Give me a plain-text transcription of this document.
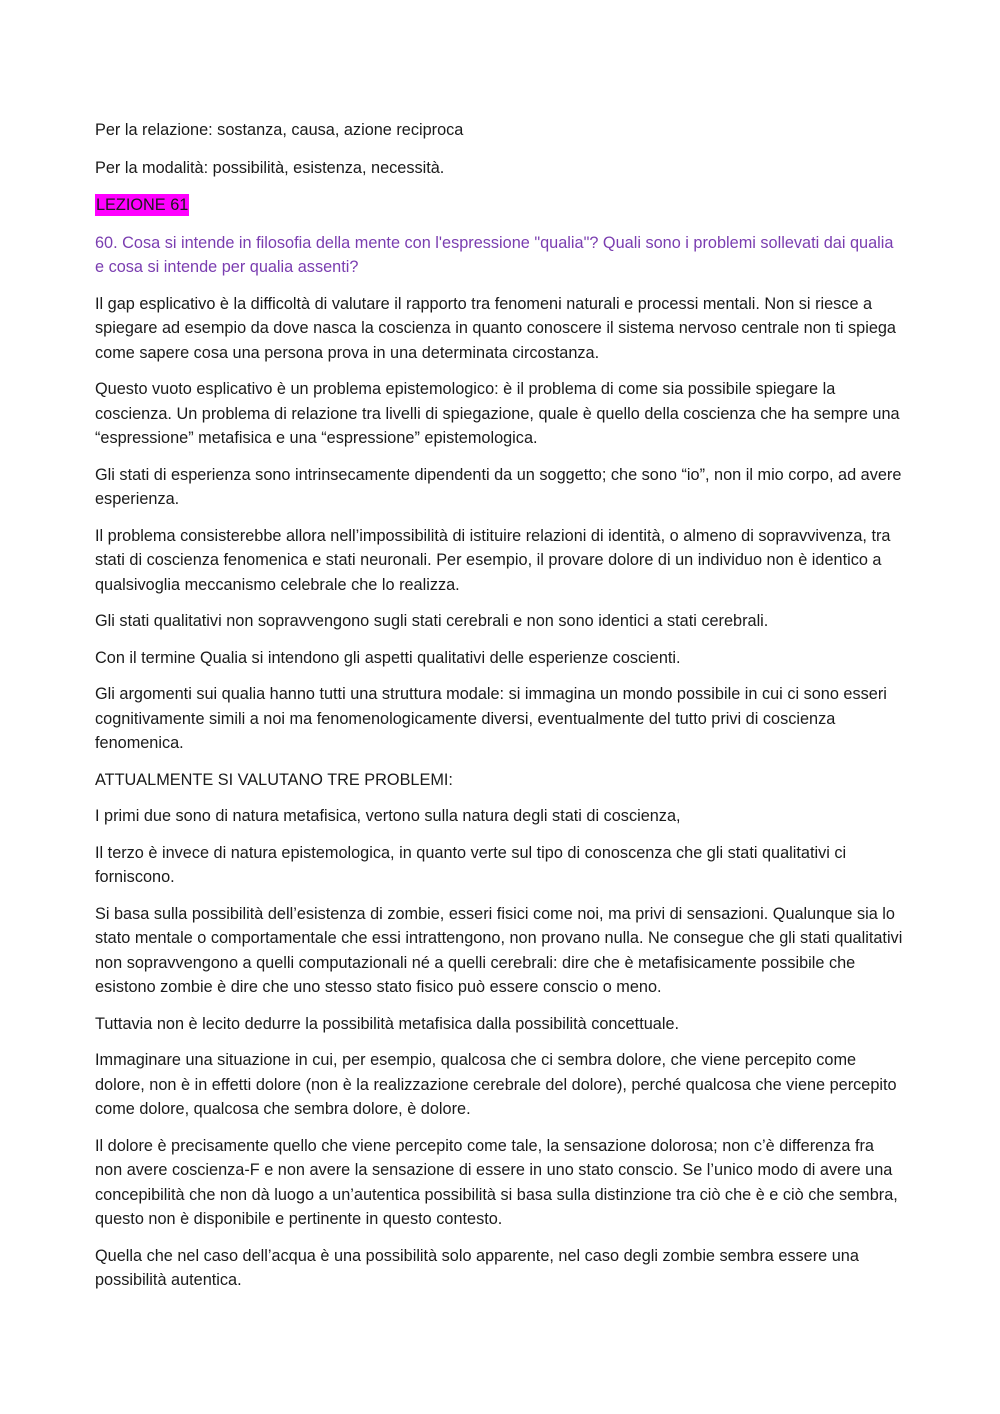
Per la relazione: sostanza, causa, azione reciproca

Per la modalità: possibilità, esistenza, necessità.

LEZIONE 61

60. Cosa si intende in filosofia della mente con l'espressione "qualia"? Quali sono i problemi sollevati dai qualia e cosa si intende per qualia assenti?

Il gap esplicativo è la difficoltà di valutare il rapporto tra fenomeni naturali e processi mentali. Non si riesce a spiegare ad esempio da dove nasca la coscienza in quanto conoscere il sistema nervoso centrale non ti spiega come sapere cosa una persona prova in una determinata circostanza.

Questo vuoto esplicativo è un problema epistemologico: è il problema di come sia possibile spiegare la coscienza. Un problema di relazione tra livelli di spiegazione, quale è quello della coscienza che ha sempre una “espressione” metafisica e una “espressione” epistemologica.

Gli stati di esperienza sono intrinsecamente dipendenti da un soggetto; che sono “io”, non il mio corpo, ad avere esperienza.

Il problema consisterebbe allora nell’impossibilità di istituire relazioni di identità, o almeno di sopravvivenza, tra stati di coscienza fenomenica e stati neuronali. Per esempio, il provare dolore di un individuo non è identico a qualsivoglia meccanismo celebrale che lo realizza.

Gli stati qualitativi non sopravvengono sugli stati cerebrali e non sono identici a stati cerebrali.

Con il termine Qualia si intendono gli aspetti qualitativi delle esperienze coscienti.

Gli argomenti sui qualia hanno tutti una struttura modale: si immagina un mondo possibile in cui ci sono esseri cognitivamente simili a noi ma fenomenologicamente diversi, eventualmente del tutto privi di coscienza fenomenica.

ATTUALMENTE SI VALUTANO TRE PROBLEMI:

I primi due sono di natura metafisica, vertono sulla natura degli stati di coscienza,

Il terzo è invece di natura epistemologica, in quanto verte sul tipo di conoscenza che gli stati qualitativi ci forniscono.

Si basa sulla possibilità dell’esistenza di zombie, esseri fisici come noi, ma privi di sensazioni. Qualunque sia lo stato mentale o comportamentale che essi intrattengono, non provano nulla. Ne consegue che gli stati qualitativi non sopravvengono a quelli computazionali né a quelli cerebrali: dire che è metafisicamente possibile che esistono zombie è dire che uno stesso stato fisico può essere conscio o meno.

Tuttavia non è lecito dedurre la possibilità metafisica dalla possibilità concettuale.

Immaginare una situazione in cui, per esempio, qualcosa che ci sembra dolore, che viene percepito come dolore, non è in effetti dolore (non è la realizzazione cerebrale del dolore), perché qualcosa che viene percepito come dolore, qualcosa che sembra dolore, è dolore.

Il dolore è precisamente quello che viene percepito come tale, la sensazione dolorosa; non c’è differenza fra non avere coscienza-F e non avere la sensazione di essere in uno stato conscio. Se l’unico modo di avere una concepibilità che non dà luogo a un’autentica possibilità si basa sulla distinzione tra ciò che è e ciò che sembra, questo non è disponibile e pertinente in questo contesto.

Quella che nel caso dell’acqua è una possibilità solo apparente, nel caso degli zombie sembra essere una possibilità autentica.
